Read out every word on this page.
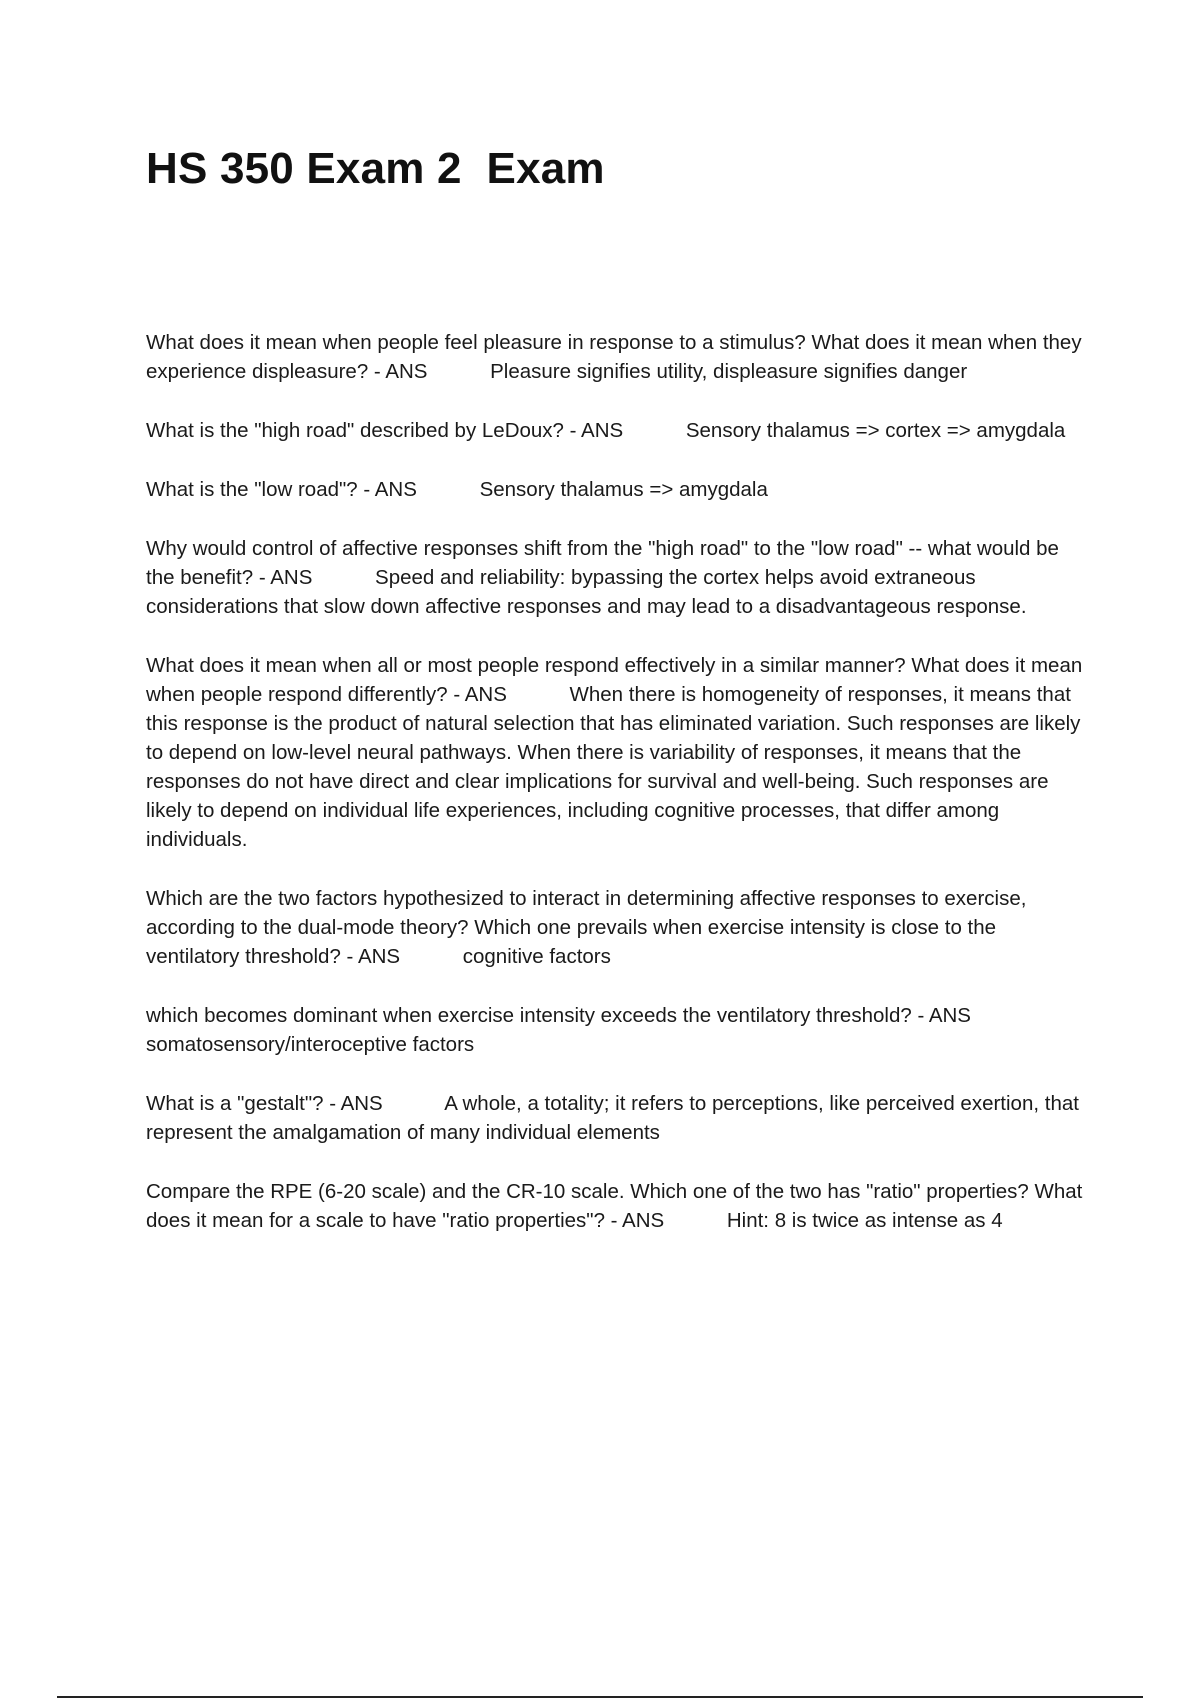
HS 350 Exam 2  Exam
What does it mean when people feel pleasure in response to a stimulus? What does it mean when they experience displeasure? - ANS           Pleasure signifies utility, displeasure signifies danger
What is the "high road" described by LeDoux? - ANS           Sensory thalamus => cortex => amygdala
What is the "low road"? - ANS           Sensory thalamus => amygdala
Why would control of affective responses shift from the "high road" to the "low road" -- what would be the benefit? - ANS           Speed and reliability: bypassing the cortex helps avoid extraneous considerations that slow down affective responses and may lead to a disadvantageous response.
What does it mean when all or most people respond effectively in a similar manner? What does it mean when people respond differently? - ANS           When there is homogeneity of responses, it means that this response is the product of natural selection that has eliminated variation. Such responses are likely to depend on low-level neural pathways. When there is variability of responses, it means that the responses do not have direct and clear implications for survival and well-being. Such responses are likely to depend on individual life experiences, including cognitive processes, that differ among individuals.
Which are the two factors hypothesized to interact in determining affective responses to exercise, according to the dual-mode theory? Which one prevails when exercise intensity is close to the ventilatory threshold? - ANS           cognitive factors
which becomes dominant when exercise intensity exceeds the ventilatory threshold? - ANS           somatosensory/interoceptive factors
What is a "gestalt"? - ANS           A whole, a totality; it refers to perceptions, like perceived exertion, that represent the amalgamation of many individual elements
Compare the RPE (6-20 scale) and the CR-10 scale. Which one of the two has "ratio" properties? What does it mean for a scale to have "ratio properties"? - ANS           Hint: 8 is twice as intense as 4
